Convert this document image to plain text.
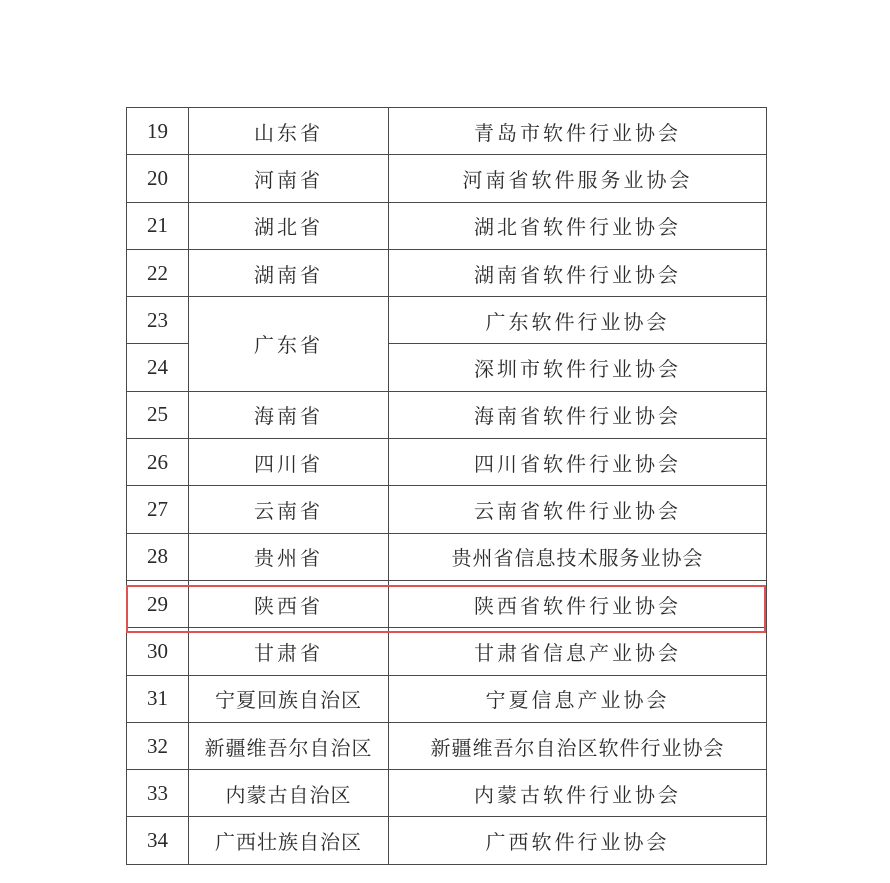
19	山东省	青岛市软件行业协会
20	河南省	河南省软件服务业协会
21	湖北省	湖北省软件行业协会
22	湖南省	湖南省软件行业协会
23	广东省	广东软件行业协会
24		深圳市软件行业协会
25	海南省	海南省软件行业协会
26	四川省	四川省软件行业协会
27	云南省	云南省软件行业协会
28	贵州省	贵州省信息技术服务业协会
29	陕西省	陕西省软件行业协会
30	甘肃省	甘肃省信息产业协会
31	宁夏回族自治区	宁夏信息产业协会
32	新疆维吾尔自治区	新疆维吾尔自治区软件行业协会
33	内蒙古自治区	内蒙古软件行业协会
34	广西壮族自治区	广西软件行业协会
